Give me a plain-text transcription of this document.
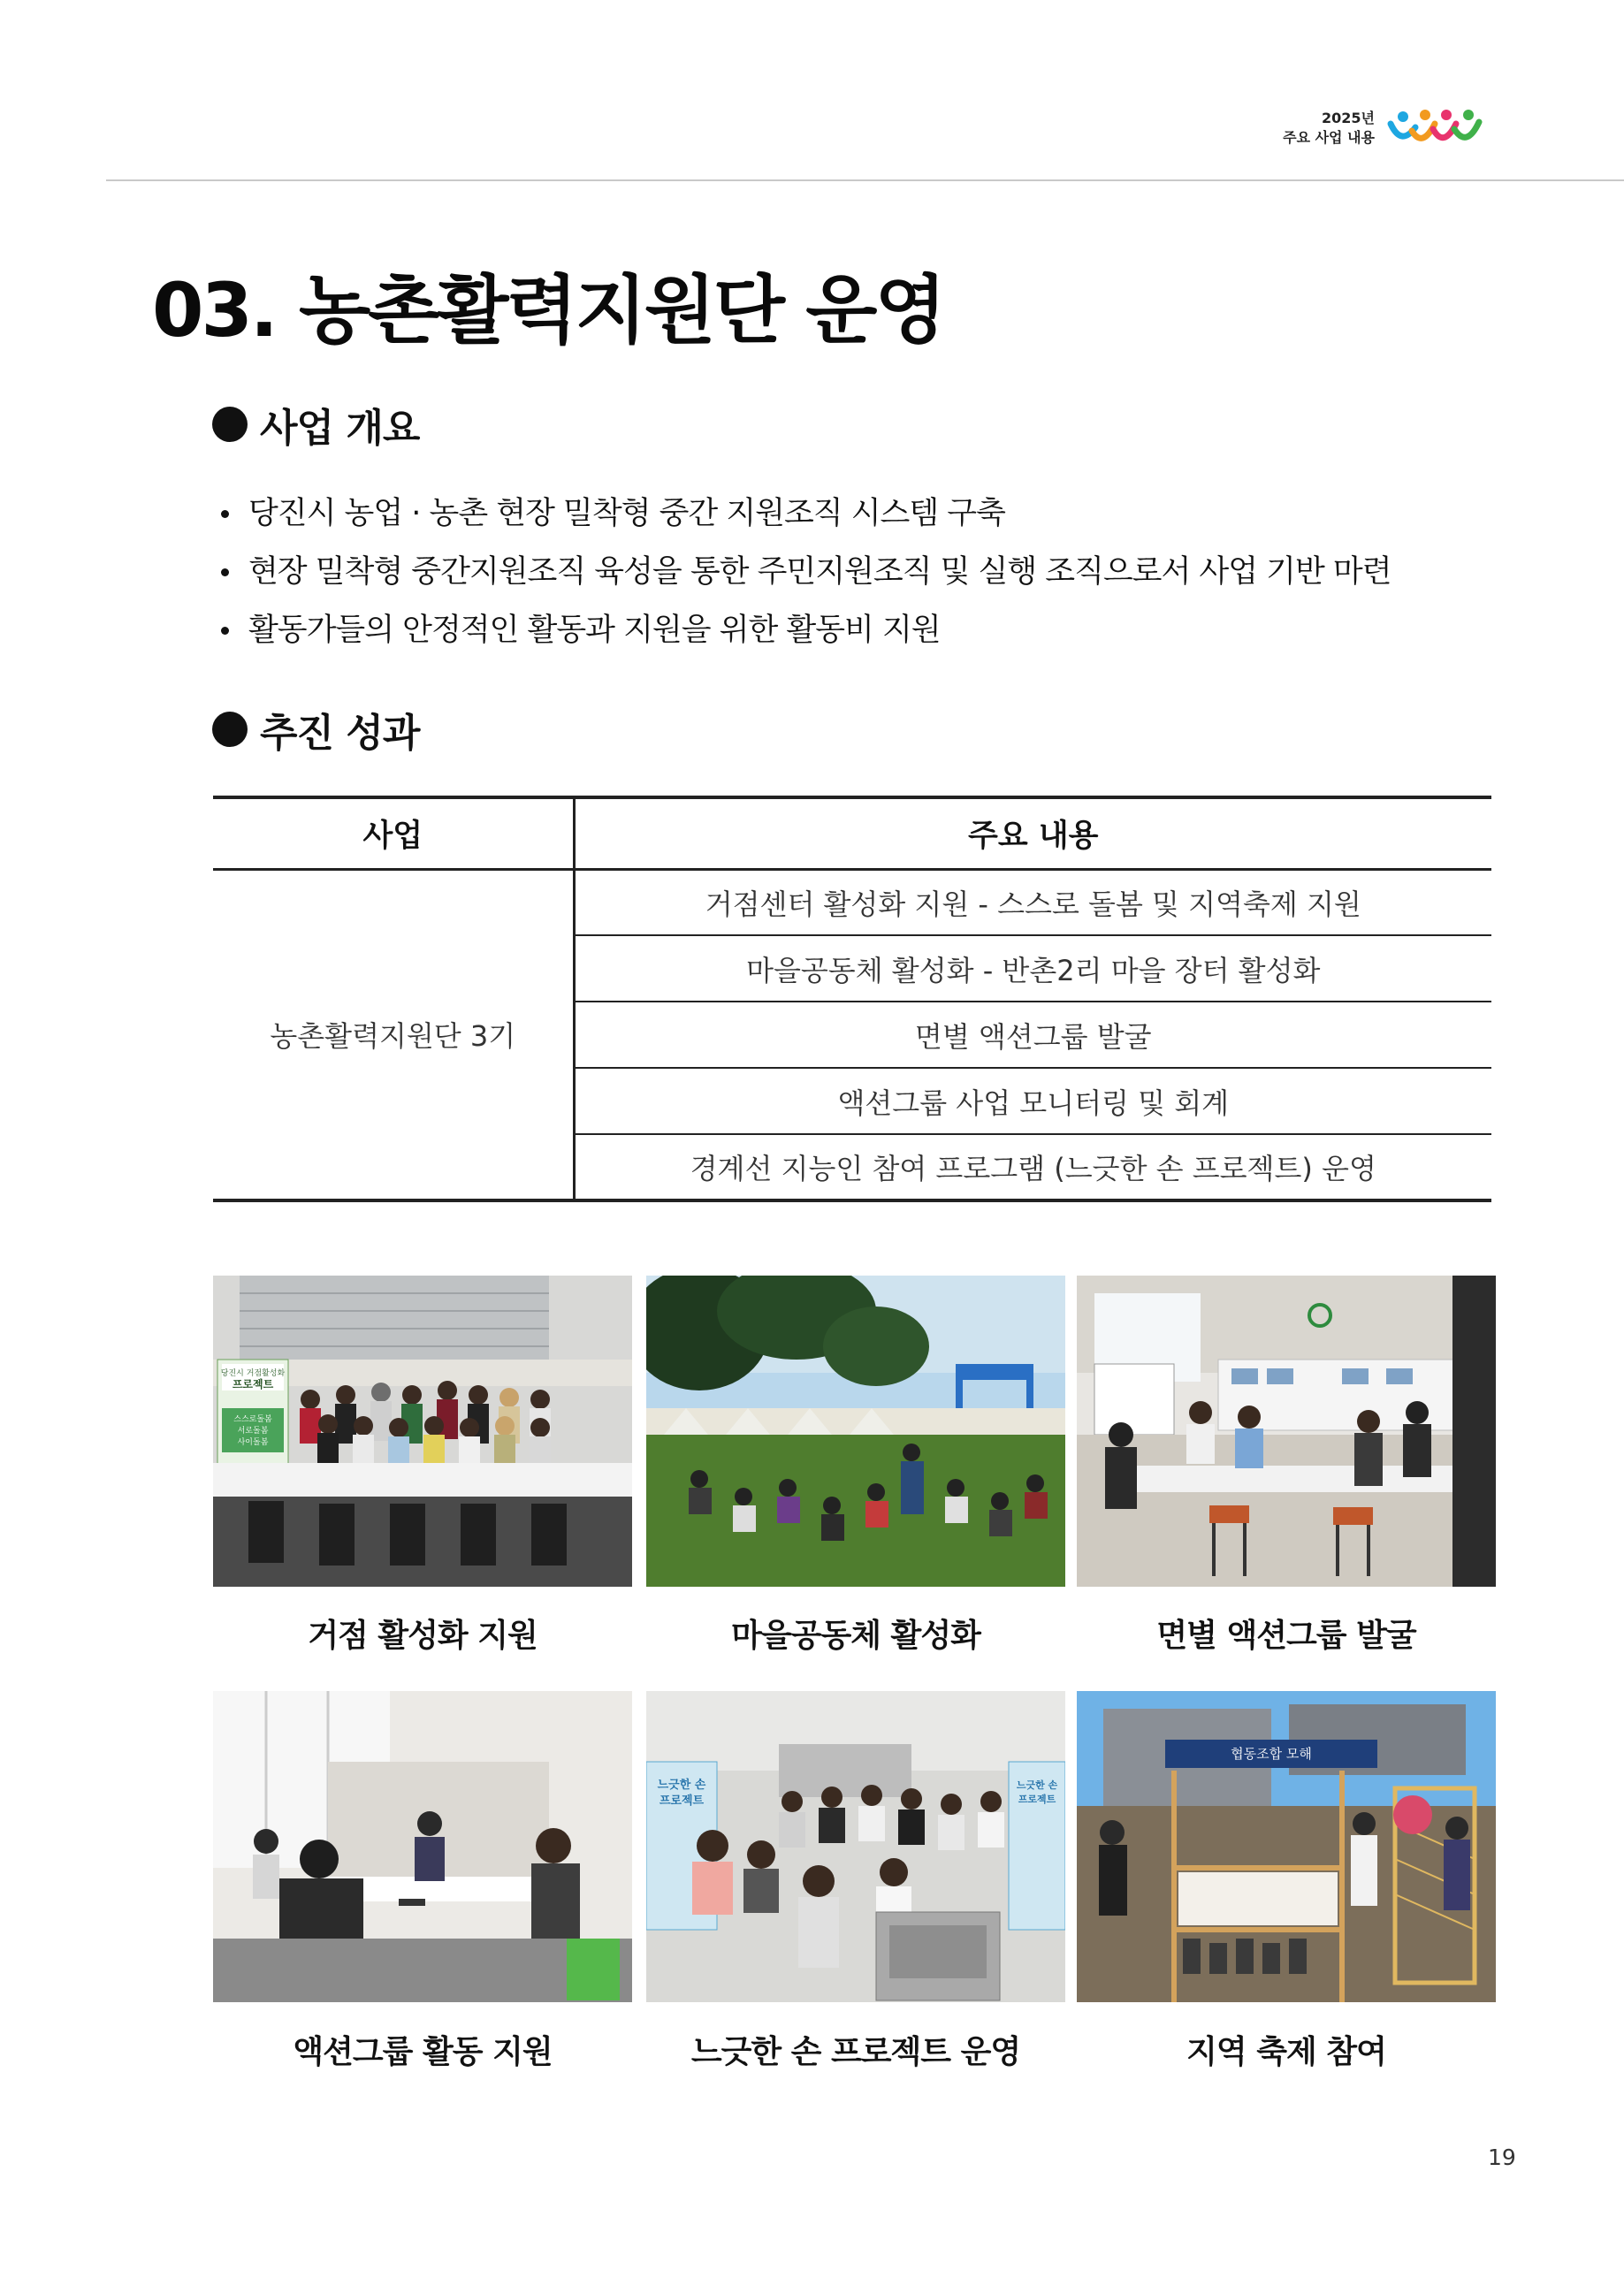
2025년
주요 사업 내용
03. 농촌활력지원단 운영
사업 개요
당진시 농업 · 농촌 현장 밀착형 중간 지원조직 시스템 구축
현장 밀착형 중간지원조직 육성을 통한 주민지원조직 및 실행 조직으로서 사업 기반 마련
활동가들의 안정적인 활동과 지원을 위한 활동비 지원
추진 성과
사업	주요 내용
농촌활력지원단 3기	거점센터 활성화 지원 - 스스로 돌봄 및 지역축제 지원
	마을공동체 활성화 - 반촌2리 마을 장터 활성화
	면별 액션그룹 발굴
	액션그룹 사업 모니터링 및 회계
	경계선 지능인 참여 프로그램 (느긋한 손 프로젝트) 운영
당진시 거점활성화
프로젝트
스스로돌봄
서로돌봄
사이돌봄
거점 활성화 지원	마을공동체 활성화	면별 액션그룹 발굴
액션그룹 활동 지원
느긋한 손
프로젝트
느긋한 손
프로젝트
느긋한 손 프로젝트 운영
협동조합 모해
지역 축제 참여
19
